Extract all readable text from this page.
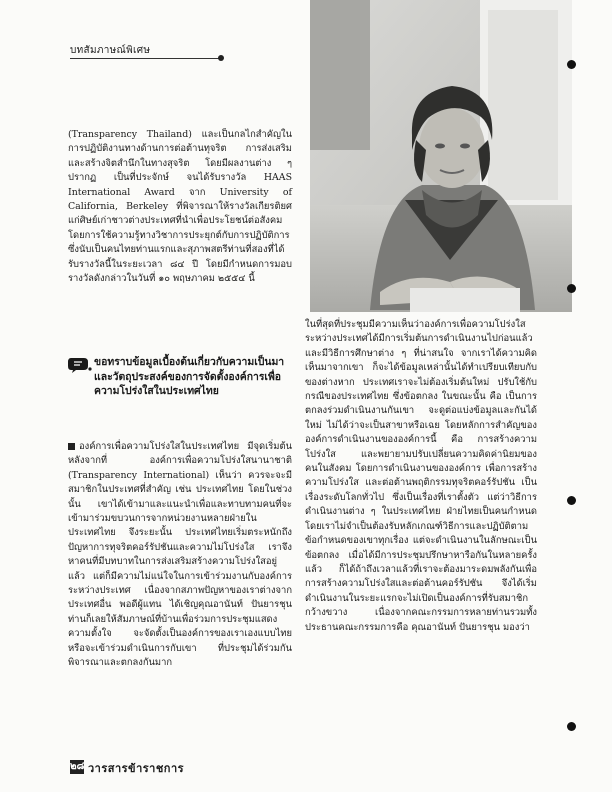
บทสัมภาษณ์พิเศษ

(Transparency Thailand) และเป็นกลไกสำคัญในการปฏิบัติงานทางด้านการต่อต้านทุจริต การส่งเสริม และสร้างจิตสำนึกในทางสุจริต โดยมีผลงานต่าง ๆ ปรากฏ เป็นที่ประจักษ์ จนได้รับรางวัล HAAS International Award จาก University of California, Berkeley ที่พิจารณาให้รางวัลเกียรติยศแก่ศิษย์เก่าชาวต่างประเทศที่นำเพื่อประโยชน์ต่อสังคม โดยการใช้ความรู้ทางวิชาการประยุกต์กับการปฏิบัติการ ซึ่งนับเป็นคนไทยท่านแรกและสุภาพสตรีท่านที่สองที่ได้รับรางวัลนี้ในระยะเวลา ๘๔ ปี โดยมีกำหนดการมอบรางวัลดังกล่าวในวันที่ ๑๐ พฤษภาคม ๒๕๕๔ นี้

ขอทราบข้อมูลเบื้องต้นเกี่ยวกับความเป็นมาและวัตถุประสงค์ของการจัดตั้งองค์การเพื่อความโปร่งใสในประเทศไทย

องค์การเพื่อความโปร่งใสในประเทศไทย มีจุดเริ่มต้นหลังจากที่ องค์การเพื่อความโปร่งใสนานาชาติ (Transparency International) เห็นว่า ควรจะจะมีสมาชิกในประเทศที่สำคัญ เช่น ประเทศไทย โดยในช่วงนั้น เขาได้เข้ามาและแนะนำเพื่อและทาบทามคนที่จะเข้ามาร่วมขบวนการจากหน่วยงานหลายฝ่ายในประเทศไทย จึงระยะนั้น ประเทศไทยเริ่มตระหนักถึงปัญหาการทุจริตคอร์รัปชันและความไม่โปร่งใส เราจึงหาคนที่มีบทบาทในการส่งเสริมสร้างความโปร่งใสอยู่แล้ว แต่ก็มีความไม่แน่ใจในการเข้าร่วมงานกับองค์การระหว่างประเทศ เนื่องจากสภาพปัญหาของเราต่างจากประเทศอื่น พอดีผู้แทน ได้เชิญคุณอานันท์ ปันยารชุน ท่านก็เลยให้สัมภาษณ์ที่บ้านเพื่อร่วมการประชุมแสดงความตั้งใจ จะจัดตั้งเป็นองค์การของเราเองแบบไทย หรือจะเข้าร่วมดำเนินการกับเขา ที่ประชุมได้ร่วมกันพิจารณาและตกลงกันมาก

ในที่สุดที่ประชุมมีความเห็นว่าองค์การเพื่อความโปร่งใสระหว่างประเทศได้มีการเริ่มต้นการดำเนินงานไปก่อนแล้ว และมีวิธีการศึกษาต่าง ๆ ที่น่าสนใจ จากเราได้ความคิดเห็นมาจากเขา ก็จะได้ข้อมูลเหล่านั้นได้ทำเปรียบเทียบกับของต่างหาก ประเทศเราจะไม่ต้องเริ่มต้นใหม่ ปรับใช้กับกรณีของประเทศไทย ซึ่งข้อตกลง ในขณะนั้น คือ เป็นการตกลงร่วมดำเนินงานกันเขา จะดูต่อแบ่งข้อมูลและกันได้ใหม่ ไม่ได้ว่าจะเป็นสาขาหรือเฉย โดยหลักการสำคัญขององค์การดำเนินงานขององค์การนี้ คือ การสร้างความโปร่งใส และพยายามปรับเปลี่ยนความคิดค่านิยมของคนในสังคม โดยการดำเนินงานขององค์การ เพื่อการสร้างความโปร่งใส และต่อต้านพฤติกรรมทุจริตคอร์รัปชัน เป็นเรื่องระดับโลกทั่วไป ซึ่งเป็นเรื่องที่เราตั้งตัว แต่ว่าวิธีการดำเนินงานต่าง ๆ ในประเทศไทย ฝ่ายไทยเป็นคนกำหนด โดยเราไม่จำเป็นต้องรับหลักเกณฑ์วิธีการและปฏิบัติตามข้อกำหนดของเขาทุกเรื่อง แต่จะดำเนินงานในลักษณะเป็นข้อตกลง เมื่อได้มีการประชุมปรึกษาหารือกันในหลายครั้งแล้ว ก็ได้ถ้าถึงเวลาแล้วที่เราจะต้องมาระดมพลังกันเพื่อการสร้างความโปร่งใสและต่อต้านคอร์รัปชัน จึงได้เริ่มดำเนินงานในระยะแรกจะไม่เปิดเป็นองค์การที่รับสมาชิกกว้างขวาง เนื่องจากคณะกรรมการหลายท่านรวมทั้งประธานคณะกรรมการคือ คุณอานันท์ ปันยารชุน มองว่า

๒๘ วารสารข้าราชการ
